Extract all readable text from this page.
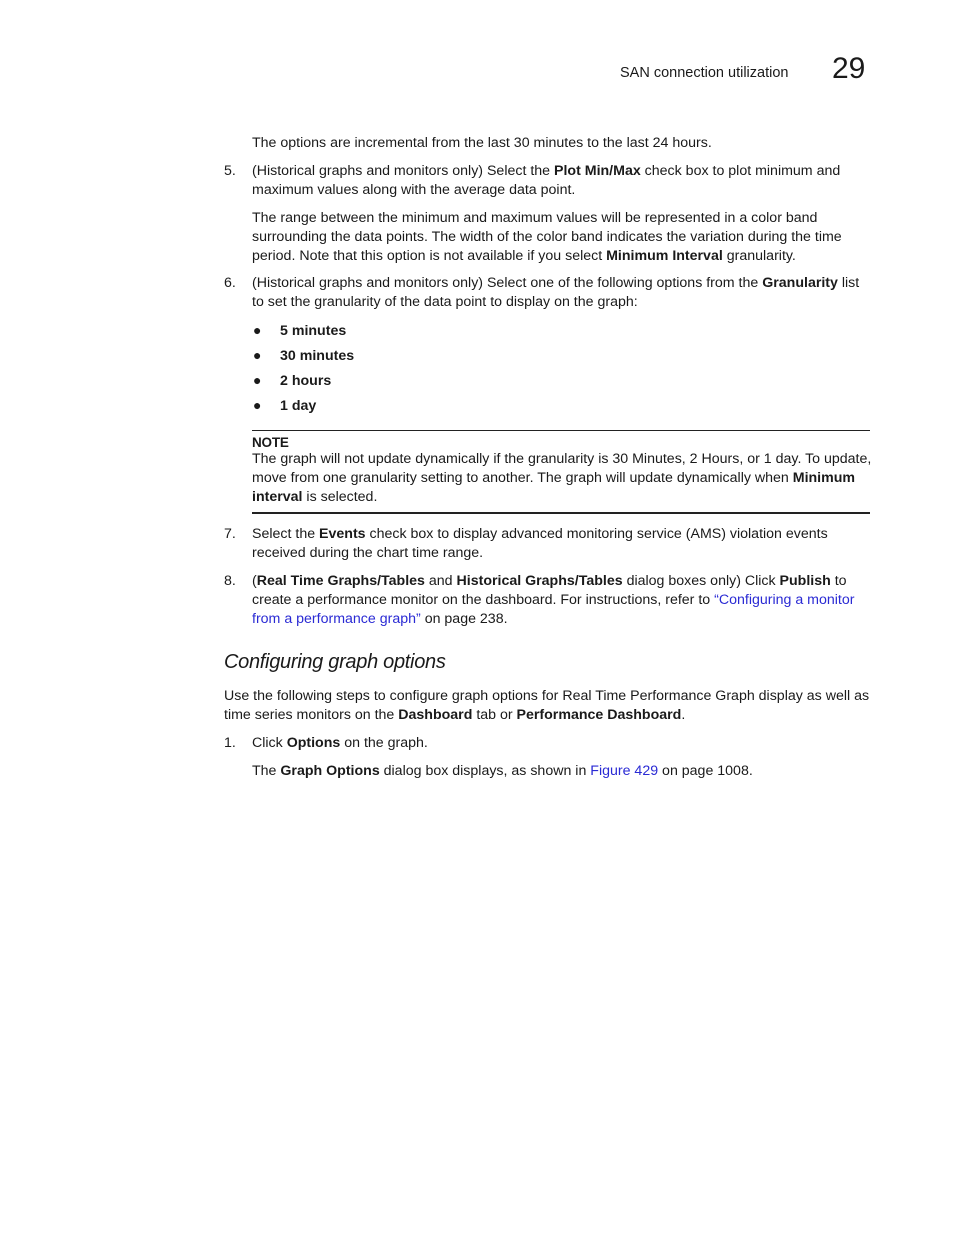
SAN connection utilization 29
The options are incremental from the last 30 minutes to the last 24 hours.
5.	(Historical graphs and monitors only) Select the Plot Min/Max check box to plot minimum and maximum values along with the average data point.
The range between the minimum and maximum values will be represented in a color band surrounding the data points. The width of the color band indicates the variation during the time period. Note that this option is not available if you select Minimum Interval granularity.
6.	(Historical graphs and monitors only) Select one of the following options from the Granularity list to set the granularity of the data point to display on the graph:
● 5 minutes
● 30 minutes
● 2 hours
● 1 day
NOTE
The graph will not update dynamically if the granularity is 30 Minutes, 2 Hours, or 1 day. To update, move from one granularity setting to another. The graph will update dynamically when Minimum interval is selected.
7.	Select the Events check box to display advanced monitoring service (AMS) violation events received during the chart time range.
8.	(Real Time Graphs/Tables and Historical Graphs/Tables dialog boxes only) Click Publish to create a performance monitor on the dashboard. For instructions, refer to “Configuring a monitor from a performance graph” on page 238.
Configuring graph options
Use the following steps to configure graph options for Real Time Performance Graph display as well as time series monitors on the Dashboard tab or Performance Dashboard.
1.	Click Options on the graph.
The Graph Options dialog box displays, as shown in Figure 429 on page 1008.
